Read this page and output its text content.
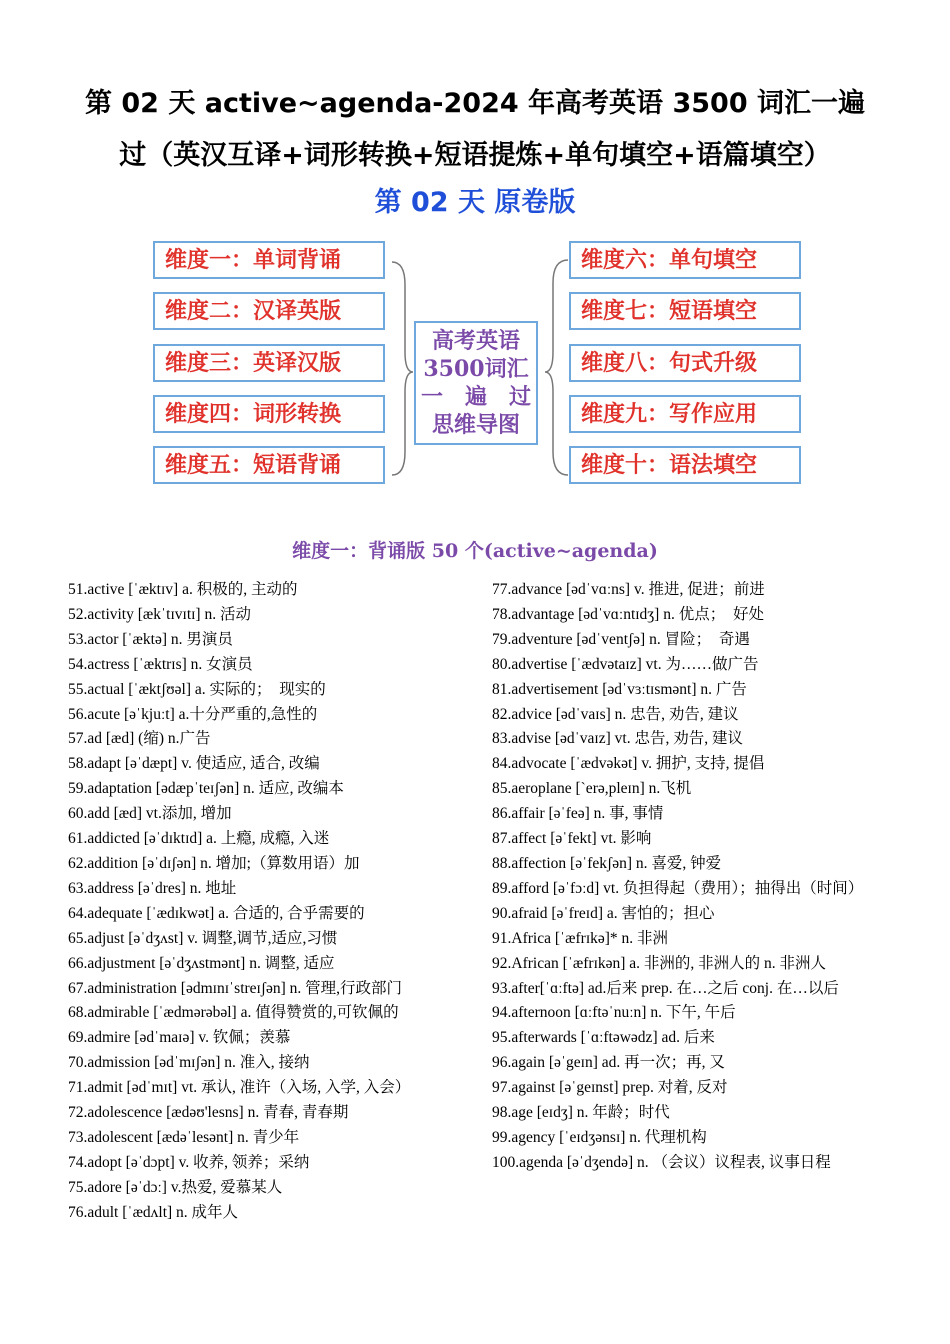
第 02 天 active~agenda-2024 年高考英语 3500 词汇一遍
过（英汉互译+词形转换+短语提炼+单句填空+语篇填空）
第 02 天 原卷版
维度一：单词背诵
维度二：汉译英版
维度三：英译汉版
维度四：词形转换
维度五：短语背诵
维度六：单句填空
维度七：短语填空
维度八：句式升级
维度九：写作应用
维度十：语法填空
高考英语
3500词汇
一　遍　过
思维导图
维度一：背诵版 50 个(active~agenda)
51.active [ˈæktɪv] a. 积极的, 主动的
52.activity [ækˈtɪvɪtɪ] n. 活动
53.actor [ˈæktə] n. 男演员
54.actress [ˈæktrɪs] n. 女演员
55.actual [ˈæktʃʊəl] a. 实际的；　现实的
56.acute [əˈkjuːt] a.十分严重的,急性的
57.ad [æd] (缩) n.广告
58.adapt [əˈdæpt] v. 使适应, 适合, 改编
59.adaptation [ədæpˈteɪʃən] n. 适应, 改编本
60.add [æd] vt.添加, 增加
61.addicted [əˈdɪktɪd] a. 上瘾, 成瘾, 入迷
62.addition [əˈdɪʃən] n. 增加;（算数用语）加
63.address [əˈdres] n. 地址
64.adequate [ˈædɪkwət] a. 合适的, 合乎需要的
65.adjust [əˈdʒʌst] v. 调整,调节,适应,习惯
66.adjustment [əˈdʒʌstmənt] n. 调整, 适应
67.administration [ədmɪnɪˈstreɪʃən] n. 管理,行政部门
68.admirable [ˈædmərəbəl] a. 值得赞赏的,可钦佩的
69.admire [ədˈmaɪə] v. 钦佩；羡慕
70.admission [ədˈmɪʃən] n. 准入, 接纳
71.admit [ədˈmɪt] vt. 承认, 准许（入场, 入学, 入会）
72.adolescence [ædəʊ'lesns] n. 青春, 青春期
73.adolescent [ædəˈlesənt] n. 青少年
74.adopt [əˈdɔpt] v. 收养, 领养；采纳
75.adore [əˈdɔː] v.热爱, 爱慕某人
76.adult [ˈædʌlt] n. 成年人
77.advance [ədˈvɑːns] v. 推进, 促进；前进
78.advantage [ədˈvɑːntɪdʒ] n. 优点；　好处
79.adventure [ədˈventʃə] n. 冒险；　奇遇
80.advertise [ˈædvətaɪz] vt. 为……做广告
81.advertisement [ədˈvɜːtɪsmənt] n. 广告
82.advice [ədˈvaɪs] n. 忠告, 劝告, 建议
83.advise [ədˈvaɪz] vt. 忠告, 劝告, 建议
84.advocate [ˈædvəkət] v. 拥护, 支持, 提倡
85.aeroplane [ˋerə,pleɪn] n.飞机
86.affair [əˈfeə] n. 事, 事情
87.affect [əˈfekt] vt. 影响
88.affection [əˈfekʃən] n. 喜爱, 钟爱
89.afford [əˈfɔːd] vt. 负担得起（费用）；抽得出（时间）
90.afraid [əˈfreɪd] a. 害怕的；担心
91.Africa [ˈæfrɪkə]* n. 非洲
92.African [ˈæfrɪkən] a. 非洲的, 非洲人的 n. 非洲人
93.after[ˈɑːftə] ad.后来 prep. 在…之后 conj. 在…以后
94.afternoon [ɑːftəˈnuːn] n. 下午, 午后
95.afterwards [ˈɑːftəwədz] ad. 后来
96.again [əˈgeɪn] ad. 再一次；再, 又
97.against [əˈgeɪnst] prep. 对着, 反对
98.age [eɪdʒ] n. 年龄；时代
99.agency [ˈeɪdʒənsɪ] n. 代理机构
100.agenda [əˈdʒendə] n. （会议）议程表, 议事日程
